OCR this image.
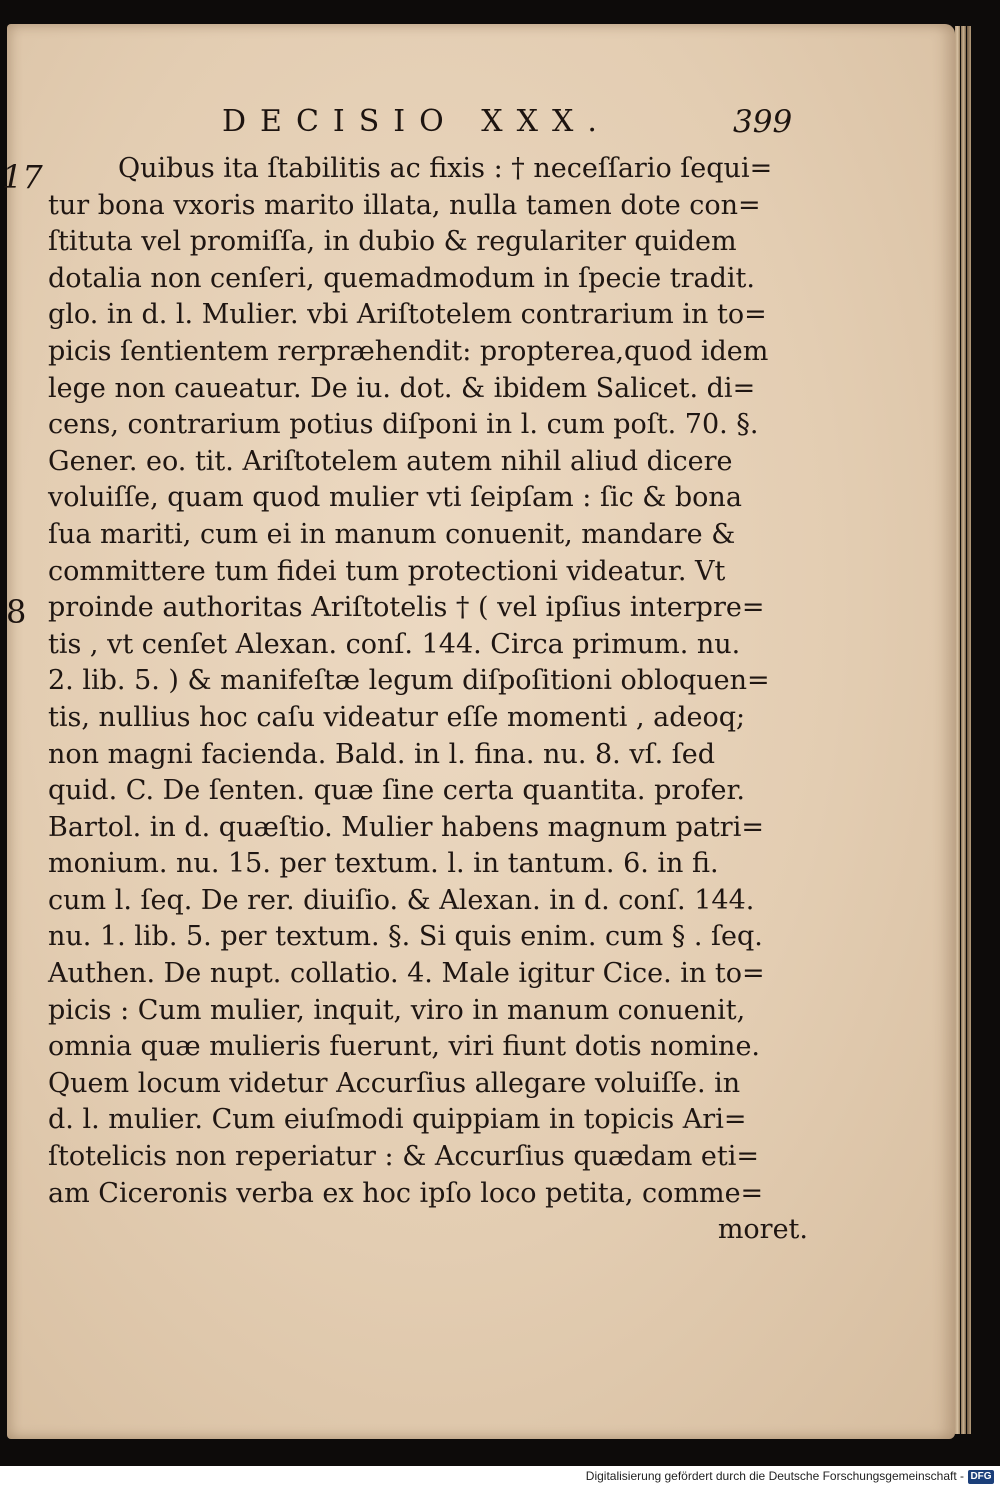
DECISIO XXX.	399
17
8
Quibus ita ſtabilitis ac fixis : † neceſſario ſequi=
tur bona vxoris marito illata, nulla tamen dote con=
ſtituta vel promiſſa, in dubio & regulariter quidem
dotalia non cenſeri, quemadmodum in ſpecie tradit.
glo. in d. l. Mulier. vbi Ariſtotelem contrarium in to=
picis ſentientem rerpræhendit: propterea,quod idem
lege non caueatur. De iu. dot. & ibidem Salicet. di=
cens, contrarium potius diſponi in l. cum poſt. 70. §.
Gener. eo. tit. Ariſtotelem autem nihil aliud dicere
voluiſſe, quam quod mulier vti ſeipſam : ſic & bona
ſua mariti, cum ei in manum conuenit, mandare &
committere tum fidei tum protectioni videatur. Vt
proinde authoritas Ariſtotelis † ( vel ipſius interpre=
tis , vt cenſet Alexan. conſ. 144. Circa primum. nu.
2. lib. 5. ) & manifeſtæ legum diſpoſitioni obloquen=
tis, nullius hoc caſu videatur eſſe momenti , adeoq;
non magni facienda. Bald. in l. fina. nu. 8. vſ. ſed
quid. C. De ſenten. quæ ſine certa quantita. profer.
Bartol. in d. quæſtio. Mulier habens magnum patri=
monium. nu. 15. per textum. l. in tantum. 6. in fi.
cum l. ſeq. De rer. diuiſio. & Alexan. in d. conſ. 144.
nu. 1. lib. 5. per textum. §. Si quis enim. cum § . ſeq.
Authen. De nupt. collatio. 4. Male igitur Cice. in to=
picis : Cum mulier, inquit, viro in manum conuenit,
omnia quæ mulieris fuerunt, viri fiunt dotis nomine.
Quem locum videtur Accurſius allegare voluiſſe. in
d. l. mulier. Cum eiuſmodi quippiam in topicis Ari=
ſtotelicis non reperiatur : & Accurſius quædam eti=
am Ciceronis verba ex hoc ipſo loco petita, comme=
moret.
Digitalisierung gefördert durch die Deutsche Forschungsgemeinschaft - DFG
